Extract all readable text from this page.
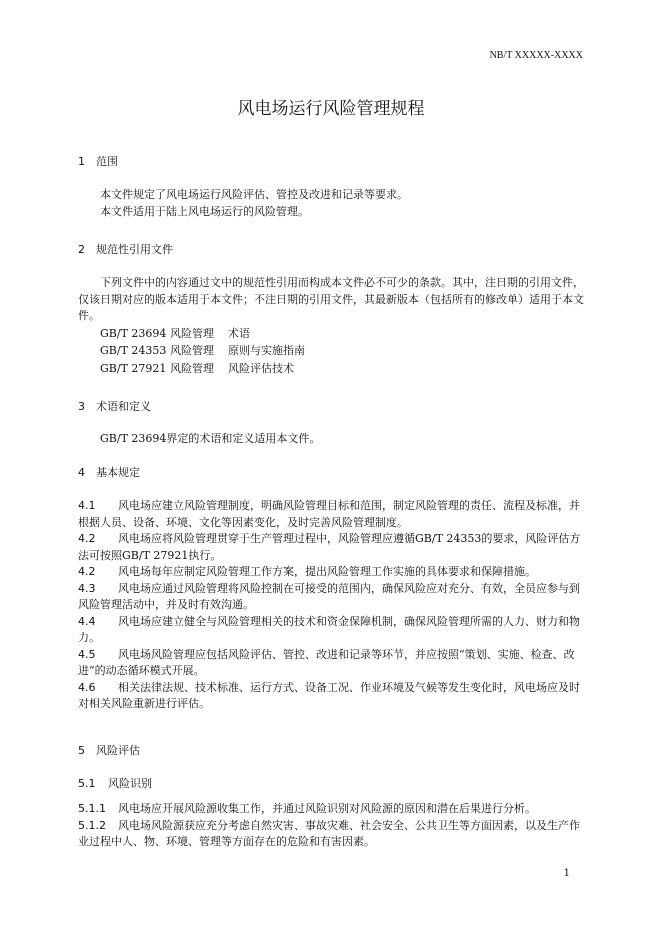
NB/T XXXXX-XXXX
风电场运行风险管理规程
1 范围
本文件规定了风电场运行风险评估、管控及改进和记录等要求。
本文件适用于陆上风电场运行的风险管理。
2 规范性引用文件
下列文件中的内容通过文中的规范性引用而构成本文件必不可少的条款。其中，注日期的引用文件，仅该日期对应的版本适用于本文件；不注日期的引用文件，其最新版本（包括所有的修改单）适用于本文件。
GB/T 23694 风险管理 术语
GB/T 24353 风险管理 原则与实施指南
GB/T 27921 风险管理 风险评估技术
3 术语和定义
GB/T 23694界定的术语和定义适用本文件。
4 基本规定
4.1 风电场应建立风险管理制度，明确风险管理目标和范围，制定风险管理的责任、流程及标准，并根据人员、设备、环境、文化等因素变化，及时完善风险管理制度。
4.2 风电场应将风险管理贯穿于生产管理过程中，风险管理应遵循GB/T 24353的要求，风险评估方法可按照GB/T 27921执行。
4.2 风电场每年应制定风险管理工作方案，提出风险管理工作实施的具体要求和保障措施。
4.3 风电场应通过风险管理将风险控制在可接受的范围内，确保风险应对充分、有效，全员应参与到风险管理活动中，并及时有效沟通。
4.4 风电场应建立健全与风险管理相关的技术和资金保障机制，确保风险管理所需的人力、财力和物力。
4.5 风电场风险管理应包括风险评估、管控、改进和记录等环节，并应按照“策划、实施、检查、改进”的动态循环模式开展。
4.6 相关法律法规、技术标准、运行方式、设备工况、作业环境及气候等发生变化时，风电场应及时对相关风险重新进行评估。
5 风险评估
5.1 风险识别
5.1.1 风电场应开展风险源收集工作，并通过风险识别对风险源的原因和潜在后果进行分析。
5.1.2 风电场风险源获应充分考虑自然灾害、事故灾难、社会安全、公共卫生等方面因素，以及生产作业过程中人、物、环境、管理等方面存在的危险和有害因素。
1
